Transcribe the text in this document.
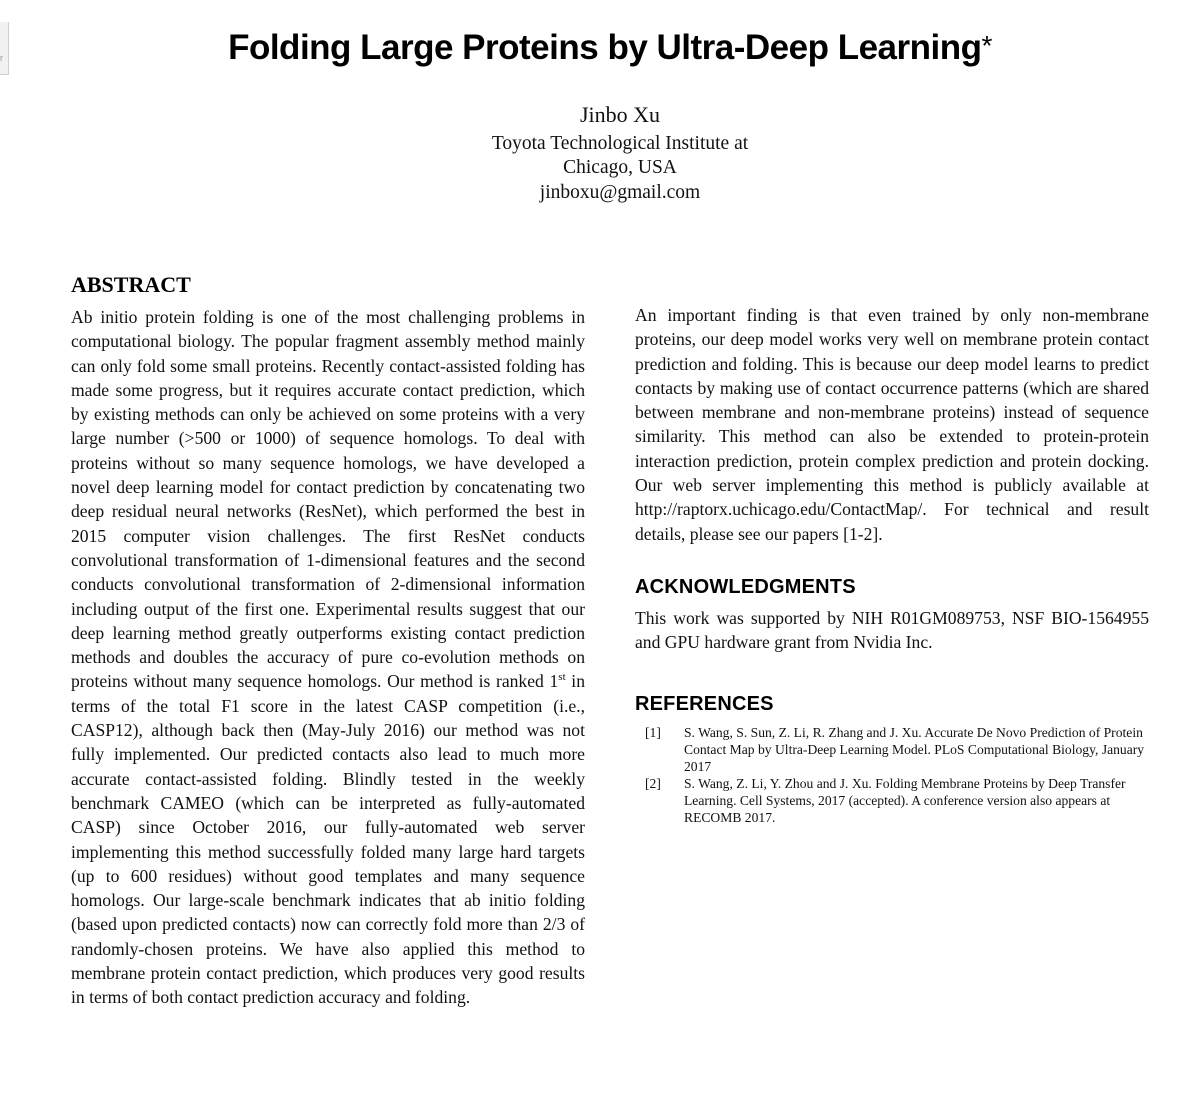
r	Folding Large Proteins by Ultra-Deep Learning*
Jinbo Xu
Toyota Technological Institute at
Chicago, USA
jinboxu@gmail.com
ABSTRACT

Ab initio protein folding is one of the most challenging problems in computational biology. The popular fragment assembly method mainly can only fold some small proteins. Recently contact-assisted folding has made some progress, but it requires accurate contact prediction, which by existing methods can only be achieved on some proteins with a very large number (>500 or 1000) of sequence homologs. To deal with proteins without so many sequence homologs, we have developed a novel deep learning model for contact prediction by concatenating two deep residual neural networks (ResNet), which performed the best in 2015 computer vision challenges. The first ResNet conducts convolutional transformation of 1-dimensional features and the second conducts convolutional transformation of 2-dimensional information including output of the first one. Experimental results suggest that our deep learning method greatly outperforms existing contact prediction methods and doubles the accuracy of pure co-evolution methods on proteins without many sequence homologs. Our method is ranked 1st in terms of the total F1 score in the latest CASP competition (i.e., CASP12), although back then (May-July 2016) our method was not fully implemented. Our predicted contacts also lead to much more accurate contact-assisted folding. Blindly tested in the weekly benchmark CAMEO (which can be interpreted as fully-automated CASP) since October 2016, our fully-automated web server implementing this method successfully folded many large hard targets (up to 600 residues) without good templates and many sequence homologs. Our large-scale benchmark indicates that ab initio folding (based upon predicted contacts) now can correctly fold more than 2/3 of randomly-chosen proteins. We have also applied this method to membrane protein contact prediction, which produces very good results in terms of both contact prediction accuracy and folding.

An important finding is that even trained by only non-membrane proteins, our deep model works very well on membrane protein contact prediction and folding. This is because our deep model learns to predict contacts by making use of contact occurrence patterns (which are shared between membrane and non-membrane proteins) instead of sequence similarity. This method can also be extended to protein-protein interaction prediction, protein complex prediction and protein docking. Our web server implementing this method is publicly available at http://raptorx.uchicago.edu/ContactMap/. For technical and result details, please see our papers [1-2].

ACKNOWLEDGMENTS

This work was supported by NIH R01GM089753, NSF BIO-1564955 and GPU hardware grant from Nvidia Inc.

REFERENCES
[1] S. Wang, S. Sun, Z. Li, R. Zhang and J. Xu. Accurate De Novo Prediction of Protein Contact Map by Ultra-Deep Learning Model. PLoS Computational Biology, January 2017
[2] S. Wang, Z. Li, Y. Zhou and J. Xu. Folding Membrane Proteins by Deep Transfer Learning. Cell Systems, 2017 (accepted). A conference version also appears at RECOMB 2017.
